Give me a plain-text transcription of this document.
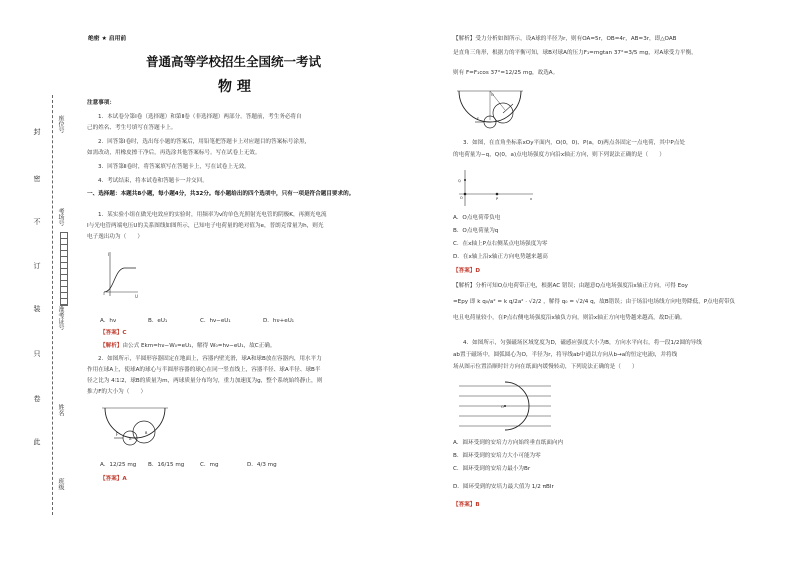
封
密
不
订
装
只
卷
此
座位号
考场号
准考证号
姓名
班级
绝密 ★ 启用前
普通高等学校招生全国统一考试
物 理
注意事项：
1．本试卷分第Ⅰ卷（选择题）和第Ⅱ卷（非选择题）两部分。答题前，考生务必将自
己的姓名、考生号填写在答题卡上。
2．回答第Ⅰ卷时，选出每小题的答案后，用铅笔把答题卡上对应题目的答案标号涂黑，
如需改动，用橡皮擦干净后，再选涂其他答案标号。写在试卷上无效。
3．回答第Ⅱ卷时，将答案填写在答题卡上，写在试卷上无效。
4．考试结束，将本试卷和答题卡一并交回。
一、选择题：本题共8小题，每小题4分，共32分。每小题给出的四个选项中，只有一项是符合题目要求的。
1．某实验小组在做光电效应的实验时，用频率为ν的单色光照射光电管的阴极K，再测光电流
I与光电管两端电压U的关系图线如图所示，已知电子电荷量的绝对值为e，普朗克常量为h，则光
电子逸出功为（　　）
I
U
A．hν	B．eU₁	C．hν−eU₁	D．hν+eU₁
【答案】C
【解析】由公式 Ekm=hν−W₀=eU₁，解得 W₀=hν−eU₁，故C正确。
2．如图所示，半圆形容器固定在地面上，容器内壁光滑，球A和球B放在容器内，用水平力
作用在球A上，使球A的球心与半圆形容器的球心在同一竖直线上，容器半径、球A半径、球B半
径之比为 4∶1∶2，球B的质量为m，两球质量分布均匀，重力加速度为g，整个系统始终静止，则
推力F的大小为（　　）
F
A
B
A．12/25 mg B．16/15 mg	C．mg	D．4/3 mg
【答案】A
【解析】受力分析如图所示，设A球的半径为r，则有OA=5r，OB=4r，AB=3r，即△OAB
是直角三角形，根据力的平衡可知，球B对球A的压力F₁=mgtan 37°=3/5 mg，对A球受力平衡，
则有 F=F₁cos 37°=12/25 mg，故选A。
O
F
3．如图，在直角坐标系xOy平面内，O(0，0)、P(a，0)两点各固定一点电荷，其中P点处
的电荷量为−q，Q(0，a)点电场强度方向沿x轴正方向，则下列说法正确的是（　　）
Q
P
O	x
A．O点电荷带负电
B．O点电荷量为q
C．在x轴上P点右侧某点电场强度为零
D．在x轴上沿x轴正方向电势越来越高
【答案】D
【解析】分析可知O点电荷带正电，根据AC 错误；由题意Q点电场强度沿x轴正方向，可得 Eoy
=Epy 即 k q₀/a² = k q/2a² · √2/2 ，解得 q₀ = √2/4 q，故B错误；由于场沿电场线方向电势降低，P点电荷带负
电且电荷量较小，在P点右侧电场强度沿x轴负方向，则沿x轴正方向电势越来越高，故D正确。
4．如图所示，匀强磁场区域宽度为D，磁感应强度大小为B，方向水平向右，将一段1/2圆的导线
ab置于磁场中，圆弧圆心为O，半径为r，将导线ab中通以方向从b→a的恒定电流I，并将线
场从图示位置沿顺时针方向在纸面内缓慢转动，下列说法正确的是（　　）
O
A．圆环受到的安培力方向始终垂直纸面向内
B．圆环受到的安培力大小可能为零
C．圆环受到的安培力最小为Br
D．圆环受到的安培力最大值为 1/2 πBIr
【答案】B
